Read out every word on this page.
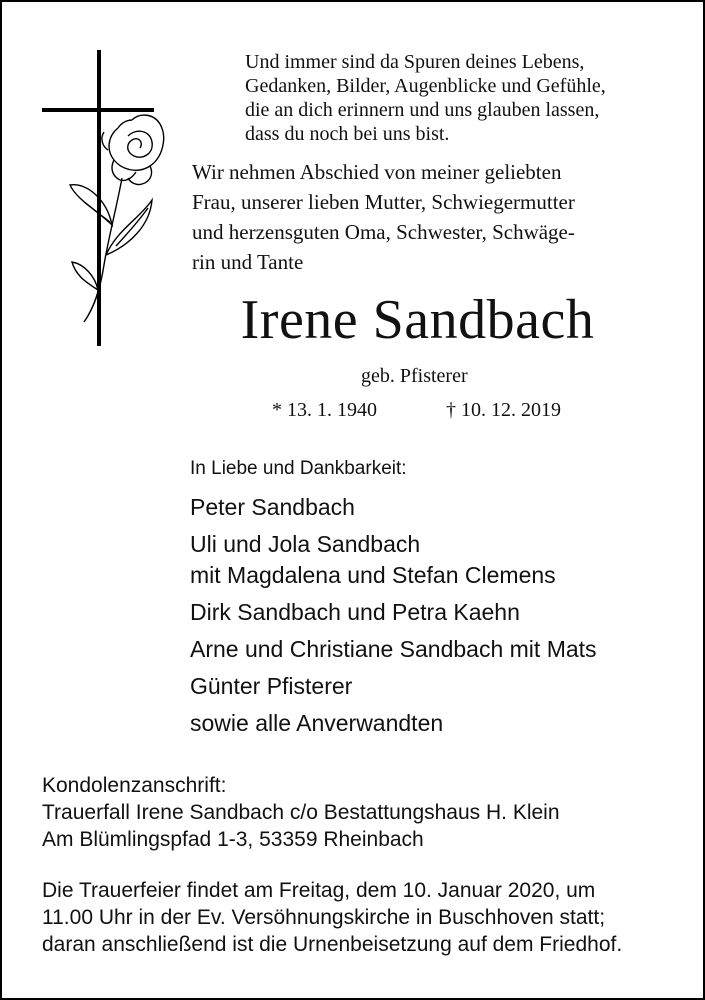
Und immer sind da Spuren deines Lebens,
Gedanken, Bilder, Augenblicke und Gefühle,
die an dich erinnern und uns glauben lassen,
dass du noch bei uns bist.
Wir nehmen Abschied von meiner geliebten
Frau, unserer lieben Mutter, Schwiegermutter
und herzensguten Oma, Schwester, Schwäge-
rin und Tante
Irene Sandbach
geb. Pfisterer
* 13. 1. 1940	† 10. 12. 2019
In Liebe und Dankbarkeit:
Peter Sandbach
Uli und Jola Sandbach
mit Magdalena und Stefan Clemens
Dirk Sandbach und Petra Kaehn
Arne und Christiane Sandbach mit Mats
Günter Pfisterer
sowie alle Anverwandten
Kondolenzanschrift:
Trauerfall Irene Sandbach c/o Bestattungshaus H. Klein
Am Blümlingspfad 1-3, 53359 Rheinbach
Die Trauerfeier findet am Freitag, dem 10. Januar 2020, um
11.00 Uhr in der Ev. Versöhnungskirche in Buschhoven statt;
daran anschließend ist die Urnenbeisetzung auf dem Friedhof.
